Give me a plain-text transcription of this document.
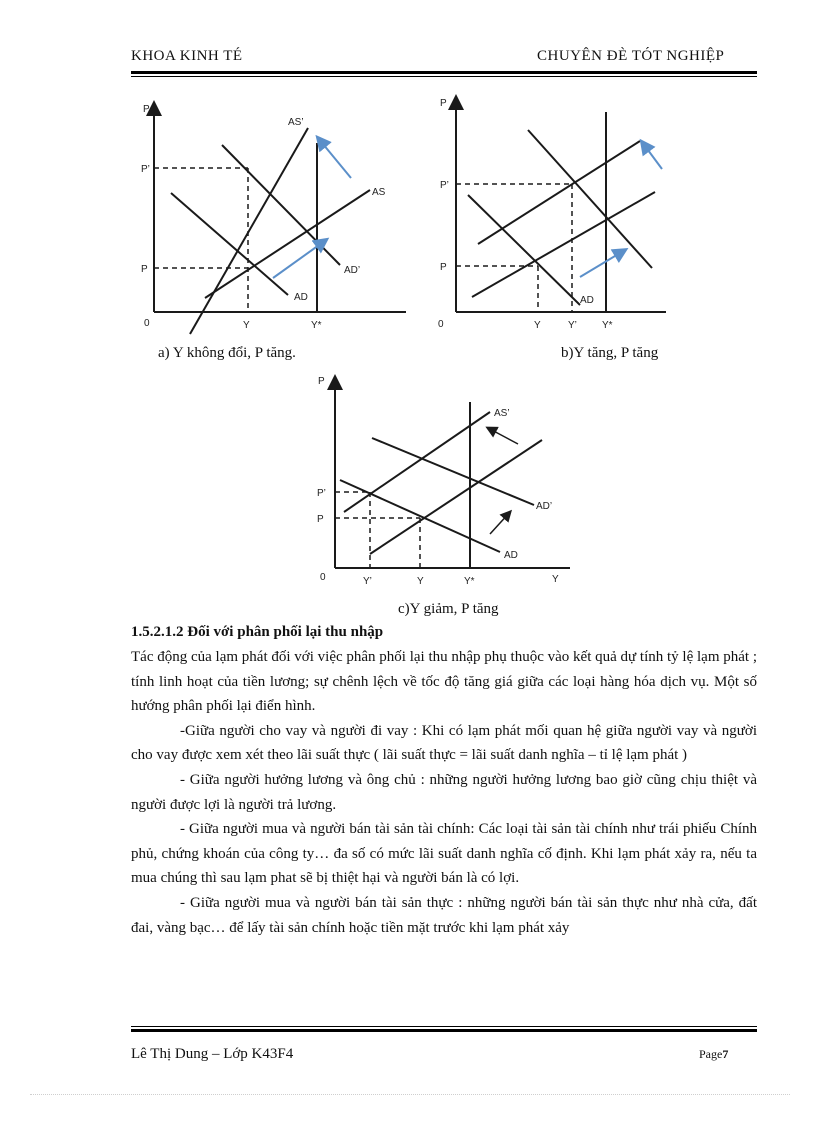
KHOA KINH TÉ	CHUYÊN ĐÈ TÓT NGHIỆP
P
0
P’
P
Y	Y*
AS’
AS
AD’
AD
P
0
P’
P
Y	Y’	Y*
AD
a) Y không đổi, P tăng.	b)Y tăng, P tăng
P
0	Y
P’
P
Y’	Y	Y*
AS’
AD’
AD
c)Y giảm, P tăng
1.5.2.1.2 Đối với phân phối lại thu nhập

Tác động của lạm phát đối với việc phân phối lại thu nhập phụ thuộc vào kết quả dự tính tỷ lệ lạm phát ; tính linh hoạt của tiền lương; sự chênh lệch về tốc độ tăng giá giữa các loại hàng hóa dịch vụ. Một số hướng phân phối lại điển hình.

-Giữa người cho vay và người đi vay : Khi có lạm phát mối quan hệ giữa người vay và người cho vay được xem xét theo lãi suất thực ( lãi suất thực = lãi suất danh nghĩa – tỉ lệ lạm phát )

- Giữa người hưởng lương và ông chủ : những người hưởng lương bao giờ cũng chịu thiệt và người được lợi là người trả lương.

- Giữa người mua và người bán tài sản tài chính: Các loại tài sản tài chính như trái phiếu Chính phủ, chứng khoán của công ty… đa số có mức lãi suất danh nghĩa cố định. Khi lạm phát xảy ra, nếu ta mua chúng thì sau lạm phat sẽ bị thiệt hại và người bán là có lợi.

- Giữa người mua và người bán tài sản thực : những người bán tài sản thực như nhà cửa, đất đai, vàng bạc… để lấy tài sản chính hoặc tiền mặt trước khi lạm phát xảy

Lê Thị Dung – Lớp K43F4	Page7
